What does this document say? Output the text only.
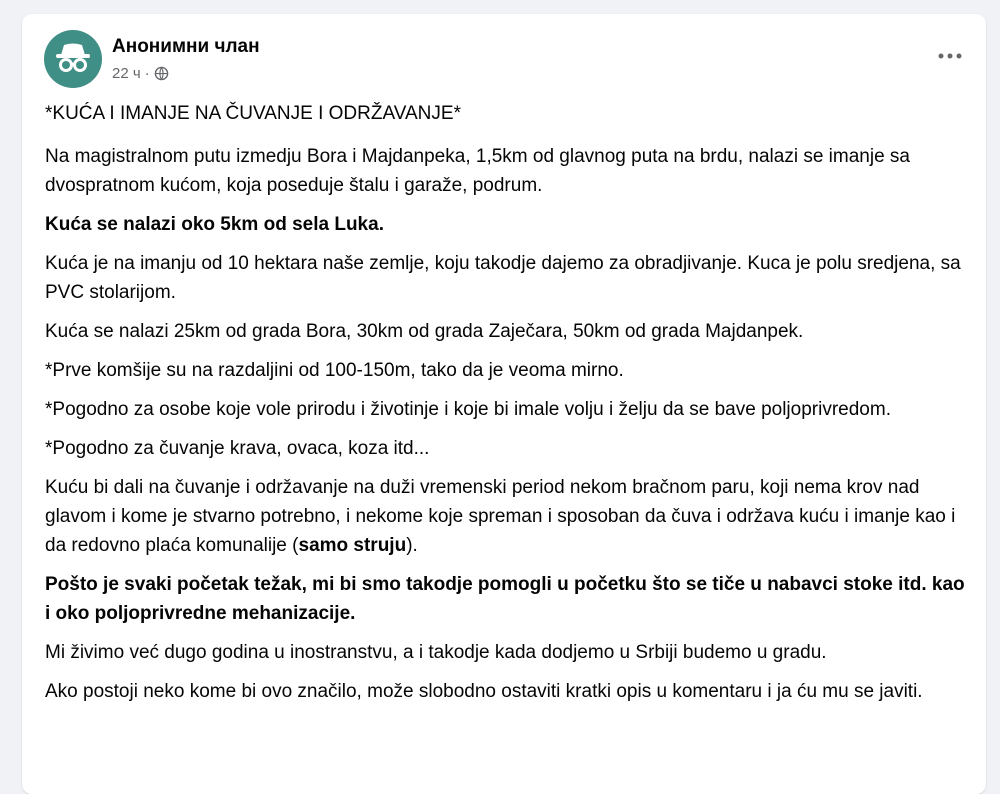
Анонимни члан
22 ч ·

*KUĆA I IMANJE NA ČUVANJE I ODRŽAVANJE*

Na magistralnom putu izmedju Bora i Majdanpeka, 1,5km od glavnog puta na brdu, nalazi se imanje sa dvospratnom kućom, koja poseduje štalu i garaže, podrum.

Kuća se nalazi oko 5km od sela Luka.

Kuća je na imanju od 10 hektara naše zemlje, koju takodje dajemo za obradjivanje. Kuca je polu sredjena, sa PVC stolarijom.

Kuća se nalazi 25km od grada Bora, 30km od grada Zaječara, 50km od grada Majdanpek.

*Prve komšije su na razdaljini od 100-150m, tako da je veoma mirno.

*Pogodno za osobe koje vole prirodu i životinje i koje bi imale volju i želju da se bave poljoprivredom.

*Pogodno za čuvanje krava, ovaca, koza itd...

Kuću bi dali na čuvanje i održavanje na duži vremenski period nekom bračnom paru, koji nema krov nad glavom i kome je stvarno potrebno, i nekome koje spreman i sposoban da čuva i održava kuću i imanje kao i da redovno plaća komunalije (samo struju).

Pošto je svaki početak težak, mi bi smo takodje pomogli u početku što se tiče u nabavci stoke itd. kao i oko poljoprivredne mehanizacije.

Mi živimo već dugo godina u inostranstvu, a i takodje kada dodjemo u Srbiji budemo u gradu.

Ako postoji neko kome bi ovo značilo, može slobodno ostaviti kratki opis u komentaru i ja ću mu se javiti.
